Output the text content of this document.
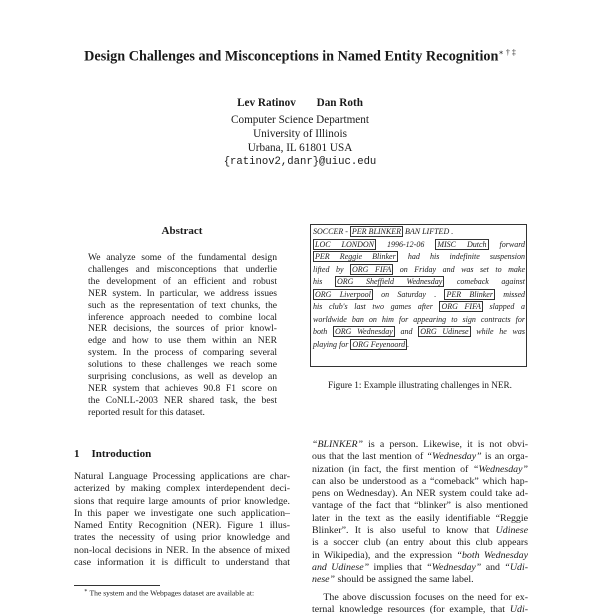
Design Challenges and Misconceptions in Named Entity Recognition∗ † ‡
Lev Ratinov Dan Roth
Computer Science Department
University of Illinois
Urbana, IL 61801 USA
{ratinov2,danr}@uiuc.edu
Abstract
We analyze some of the fundamental design
challenges and misconceptions that underlie
the development of an efficient and robust
NER system. In particular, we address issues
such as the representation of text chunks, the
inference approach needed to combine local
NER decisions, the sources of prior knowl-
edge and how to use them within an NER
system. In the process of comparing several
solutions to these challenges we reach some
surprising conclusions, as well as develop an
NER system that achieves 90.8 F1 score on
the CoNLL-2003 NER shared task, the best
reported result for this dataset.
1 Introduction
Natural Language Processing applications are char-
acterized by making complex interdependent deci-
sions that require large amounts of prior knowledge.
In this paper we investigate one such application–
Named Entity Recognition (NER). Figure 1 illus-
trates the necessity of using prior knowledge and
non-local decisions in NER. In the absence of mixed
case information it is difficult to understand that
∗ The system and the Webpages dataset are available at:
SOCCER - PER BLINKER BAN LIFTED .
LOC LONDON 1996-12-06 MISC Dutch forward
PER Reggie Blinker had his indefinite suspension
lifted by ORG FIFA on Friday and was set to make
his ORG Sheffield Wednesday comeback against
ORG Liverpool on Saturday . PER Blinker missed
his club's last two games after ORG FIFA slapped a
worldwide ban on him for appearing to sign contracts for
both ORG Wednesday and ORG Udinese while he was
playing for ORG Feyenoord .
Figure 1: Example illustrating challenges in NER.
“BLINKER” is a person. Likewise, it is not obvi-
ous that the last mention of “Wednesday” is an orga-
nization (in fact, the first mention of “Wednesday”
can also be understood as a “comeback” which hap-
pens on Wednesday). An NER system could take ad-
vantage of the fact that “blinker” is also mentioned
later in the text as the easily identifiable “Reggie
Blinker”. It is also useful to know that Udinese
is a soccer club (an entry about this club appears
in Wikipedia), and the expression “both Wednesday
and Udinese” implies that “Wednesday” and “Udi-
nese” should be assigned the same label.
The above discussion focuses on the need for ex-
ternal knowledge resources (for example, that Udi-
